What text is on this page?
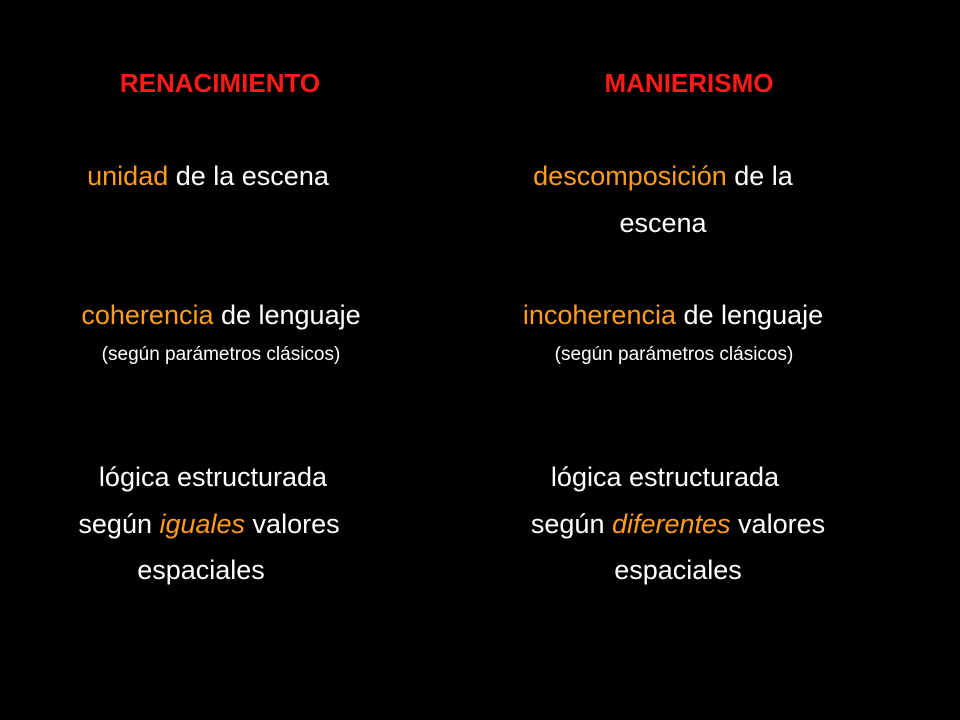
RENACIMIENTO
unidad de la escena
coherencia de lenguaje
(según parámetros clásicos)
lógica estructurada
según iguales valores
espaciales
MANIERISMO
descomposición de la
escena
incoherencia de lenguaje
(según parámetros clásicos)
lógica estructurada
según diferentes valores
espaciales
